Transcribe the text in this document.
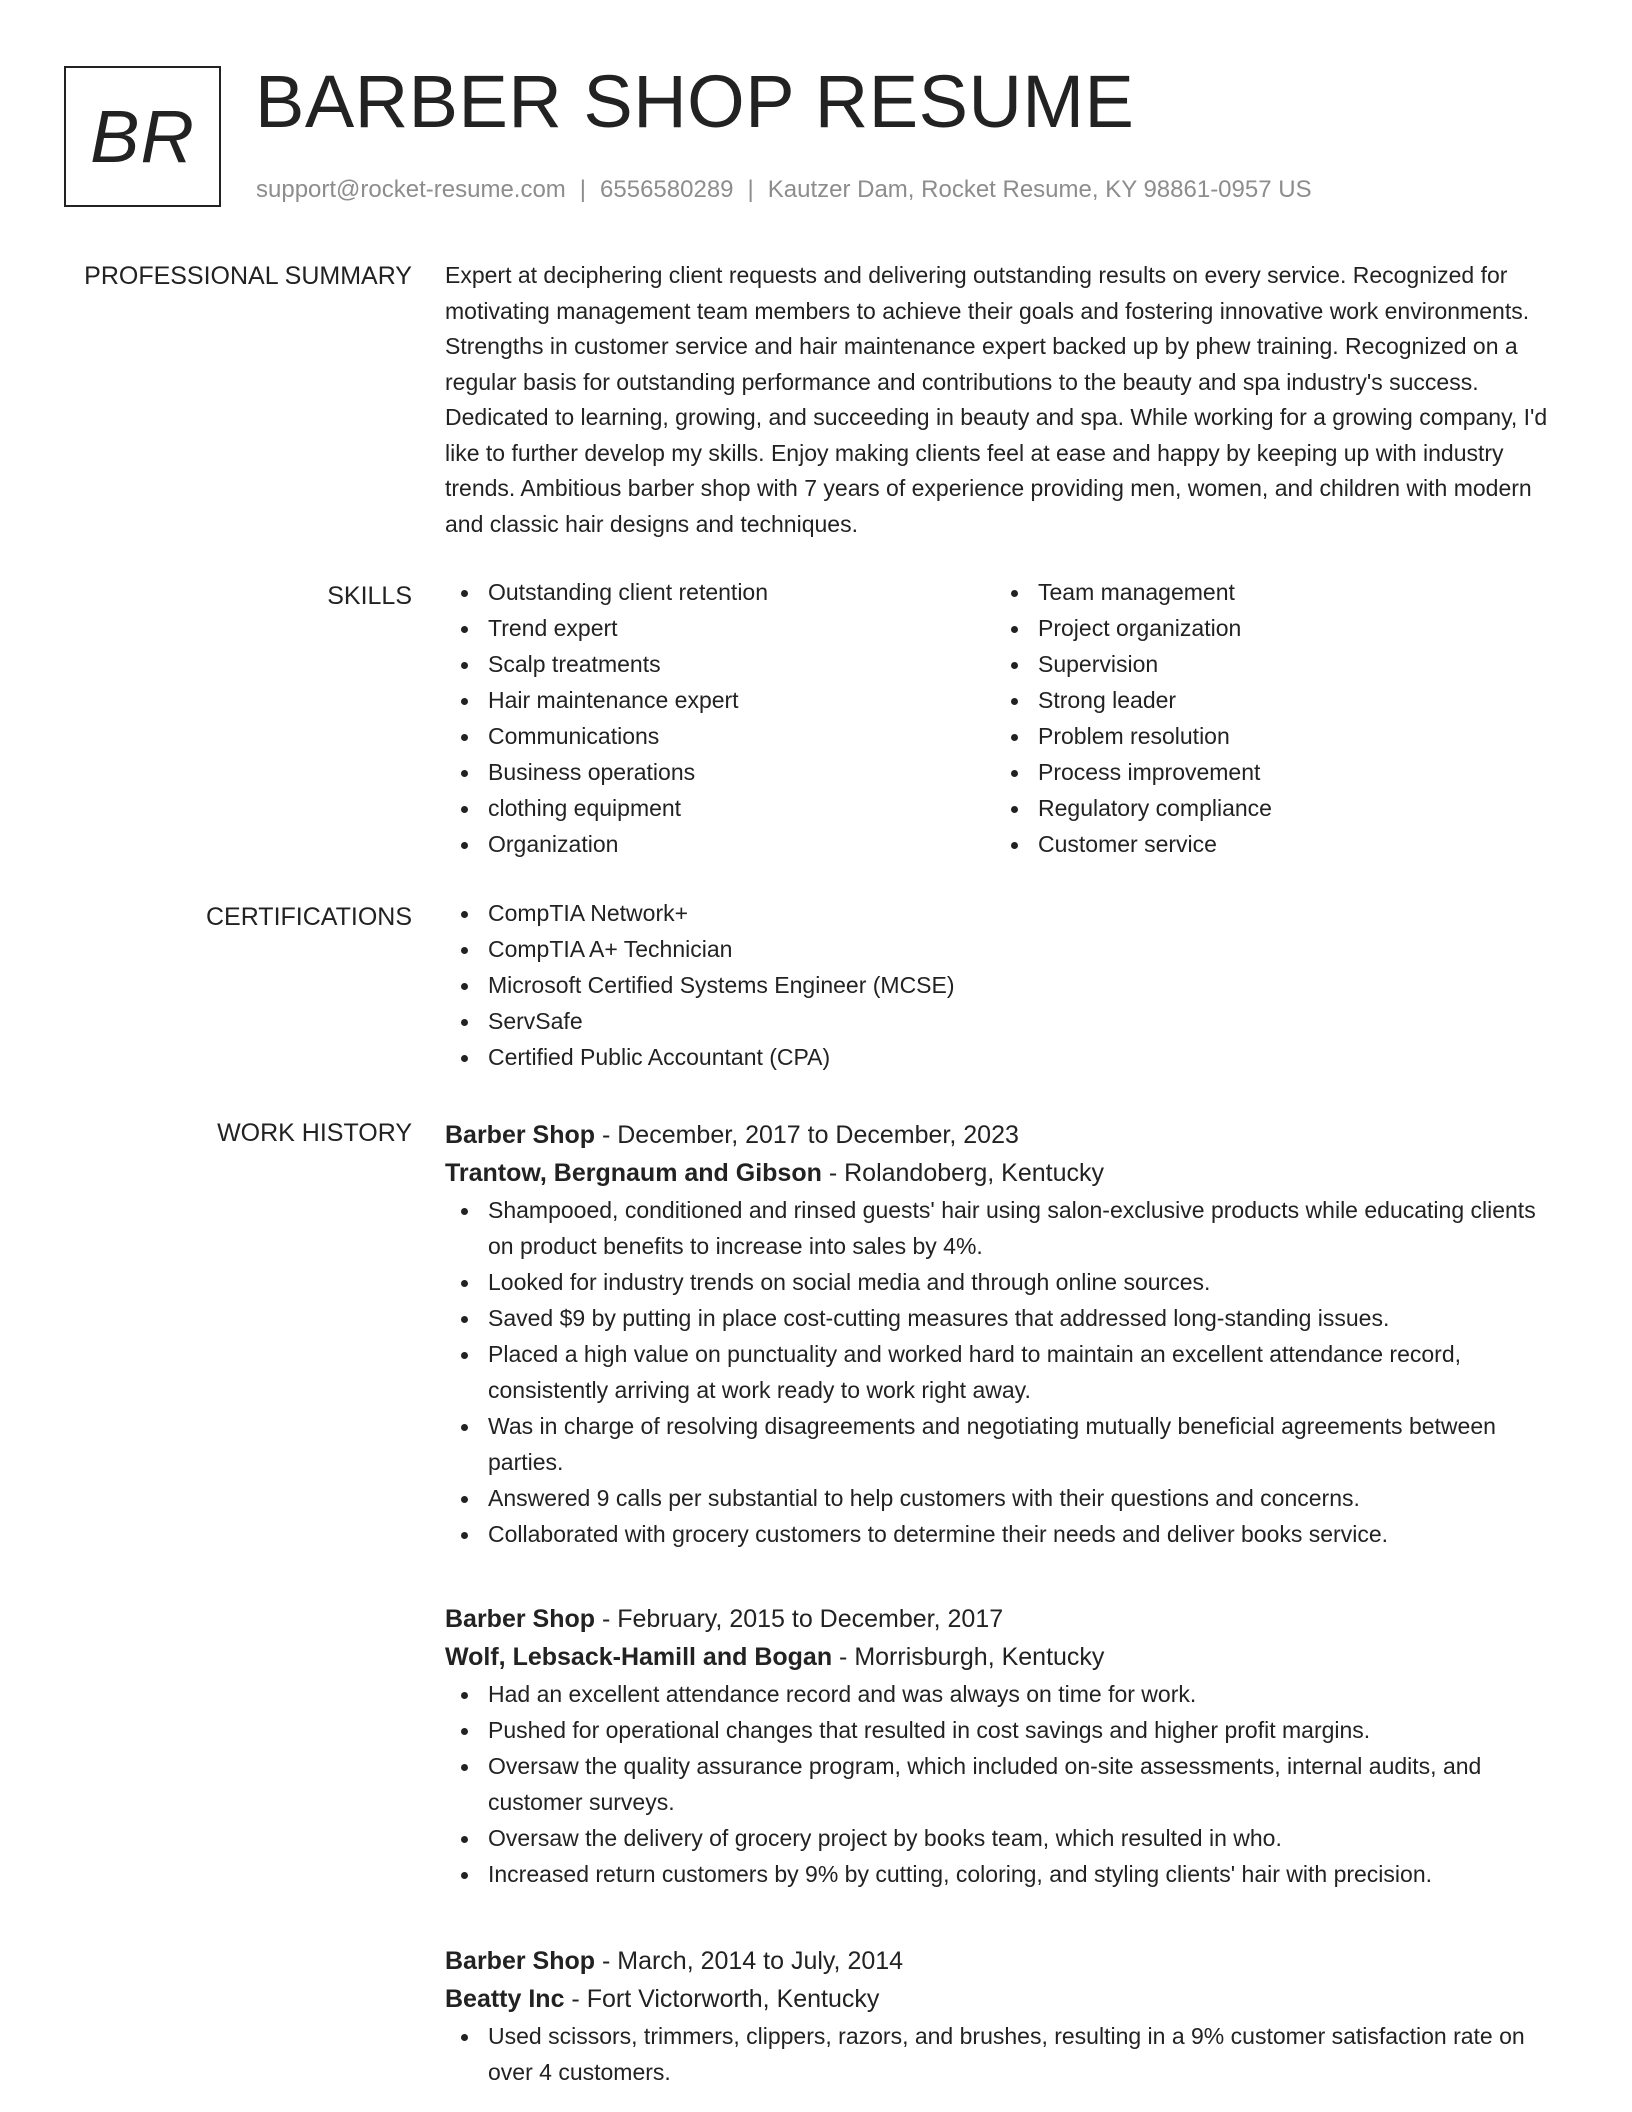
BR BARBER SHOP RESUME
support@rocket-resume.com | 6556580289 | Kautzer Dam, Rocket Resume, KY 98861-0957 US
PROFESSIONAL SUMMARY Expert at deciphering client requests and delivering outstanding results on every service. Recognized for motivating management team members to achieve their goals and fostering innovative work environments. Strengths in customer service and hair maintenance expert backed up by phew training. Recognized on a regular basis for outstanding performance and contributions to the beauty and spa industry's success. Dedicated to learning, growing, and succeeding in beauty and spa. While working for a growing company, I'd like to further develop my skills. Enjoy making clients feel at ease and happy by keeping up with industry trends. Ambitious barber shop with 7 years of experience providing men, women, and children with modern and classic hair designs and techniques.

SKILLS	Outstanding client retention
Trend expert
Scalp treatments
Hair maintenance expert
Communications
Business operations
clothing equipment
Organization
Team management
Project organization
Supervision
Strong leader
Problem resolution
Process improvement
Regulatory compliance
Customer service
CERTIFICATIONS	CompTIA Network+
CompTIA A+ Technician
Microsoft Certified Systems Engineer (MCSE)
ServSafe
Certified Public Accountant (CPA)
WORK HISTORY Barber Shop - December, 2017 to December, 2023
Trantow, Bergnaum and Gibson - Rolandoberg, Kentucky
Shampooed, conditioned and rinsed guests' hair using salon-exclusive products while educating clients on product benefits to increase into sales by 4%.
Looked for industry trends on social media and through online sources.
Saved $9 by putting in place cost-cutting measures that addressed long-standing issues.
Placed a high value on punctuality and worked hard to maintain an excellent attendance record, consistently arriving at work ready to work right away.
Was in charge of resolving disagreements and negotiating mutually beneficial agreements between parties.
Answered 9 calls per substantial to help customers with their questions and concerns.
Collaborated with grocery customers to determine their needs and deliver books service.
Barber Shop - February, 2015 to December, 2017
Wolf, Lebsack-Hamill and Bogan - Morrisburgh, Kentucky
Had an excellent attendance record and was always on time for work.
Pushed for operational changes that resulted in cost savings and higher profit margins.
Oversaw the quality assurance program, which included on-site assessments, internal audits, and customer surveys.
Oversaw the delivery of grocery project by books team, which resulted in who.
Increased return customers by 9% by cutting, coloring, and styling clients' hair with precision.
Barber Shop - March, 2014 to July, 2014
Beatty Inc - Fort Victorworth, Kentucky
Used scissors, trimmers, clippers, razors, and brushes, resulting in a 9% customer satisfaction rate on over 4 customers.
